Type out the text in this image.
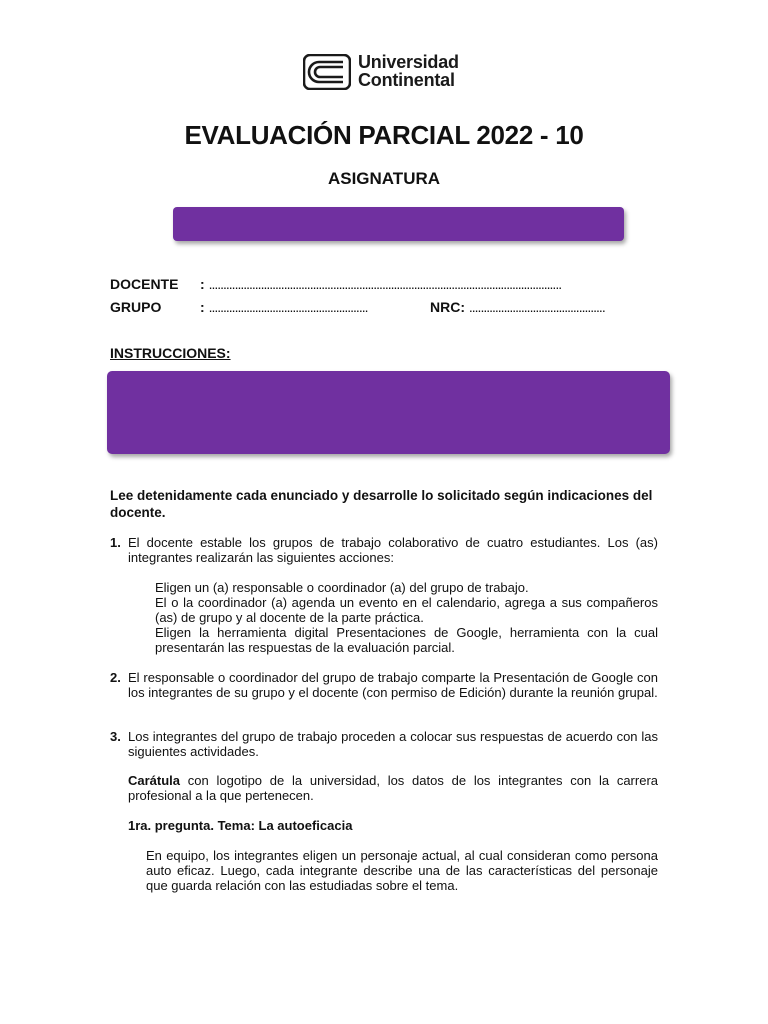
Universidad
Continental
EVALUACIÓN PARCIAL 2022 - 10
ASIGNATURA
DOCENTE : ..........................................................................................................................
GRUPO	: .......................................................	NRC: ...............................................
INSTRUCCIONES:
Lee detenidamente cada enunciado y desarrolle lo solicitado según indicaciones del docente.
1. El docente estable los grupos de trabajo colaborativo de cuatro estudiantes. Los (as) integrantes realizarán las siguientes acciones:
Eligen un (a) responsable o coordinador (a) del grupo de trabajo.
El o la coordinador (a) agenda un evento en el calendario, agrega a sus compañeros (as) de grupo y al docente de la parte práctica.
Eligen la herramienta digital Presentaciones de Google, herramienta con la cual presentarán las respuestas de la evaluación parcial.
2. El responsable o coordinador del grupo de trabajo comparte la Presentación de Google con los integrantes de su grupo y el docente (con permiso de Edición) durante la reunión grupal.
3. Los integrantes del grupo de trabajo proceden a colocar sus respuestas de acuerdo con las siguientes actividades.
Carátula con logotipo de la universidad, los datos de los integrantes con la carrera profesional a la que pertenecen.
1ra. pregunta. Tema: La autoeficacia
En equipo, los integrantes eligen un personaje actual, al cual consideran como persona auto eficaz. Luego, cada integrante describe una de las características del personaje que guarda relación con las estudiadas sobre el tema.
